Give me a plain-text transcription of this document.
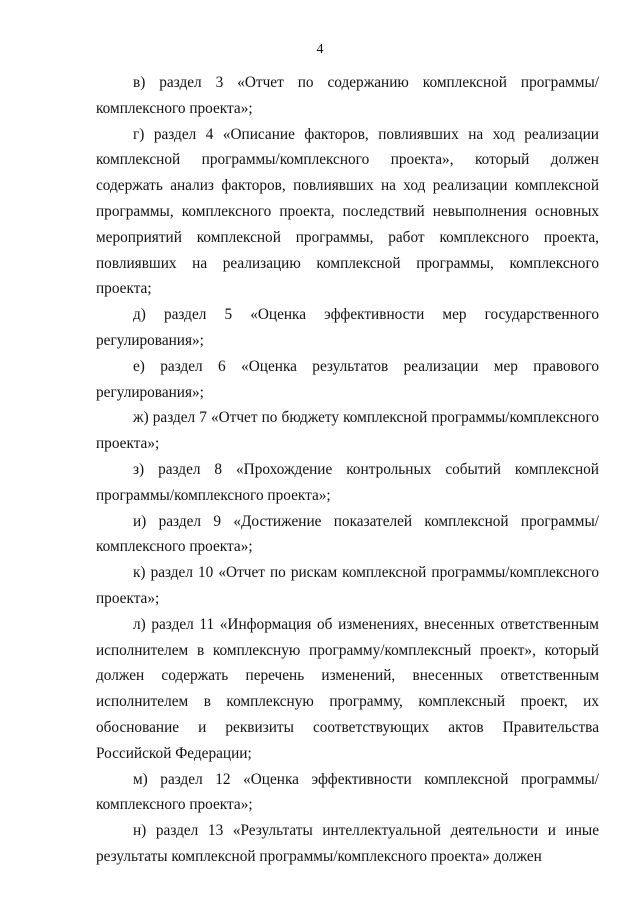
4

в) раздел 3 «Отчет по содержанию комплексной программы/комплексного проекта»;

г) раздел 4 «Описание факторов, повлиявших на ход реализации комплексной программы/комплексного проекта», который должен содержать анализ факторов, повлиявших на ход реализации комплексной программы, комплексного проекта, последствий невыполнения основных мероприятий комплексной программы, работ комплексного проекта, повлиявших на реализацию комплексной программы, комплексного проекта;

д) раздел 5 «Оценка эффективности мер государственного регулирования»;

е) раздел 6 «Оценка результатов реализации мер правового регулирования»;

ж) раздел 7 «Отчет по бюджету комплексной программы/комплексного проекта»;

з) раздел 8 «Прохождение контрольных событий комплексной программы/комплексного проекта»;

и) раздел 9 «Достижение показателей комплексной программы/комплексного проекта»;

к) раздел 10 «Отчет по рискам комплексной программы/комплексного проекта»;

л) раздел 11 «Информация об изменениях, внесенных ответственным исполнителем в комплексную программу/комплексный проект», который должен содержать перечень изменений, внесенных ответственным исполнителем в комплексную программу, комплексный проект, их обоснование и реквизиты соответствующих актов Правительства Российской Федерации;

м) раздел 12 «Оценка эффективности комплексной программы/комплексного проекта»;

н) раздел 13 «Результаты интеллектуальной деятельности и иные результаты комплексной программы/комплексного проекта» должен
